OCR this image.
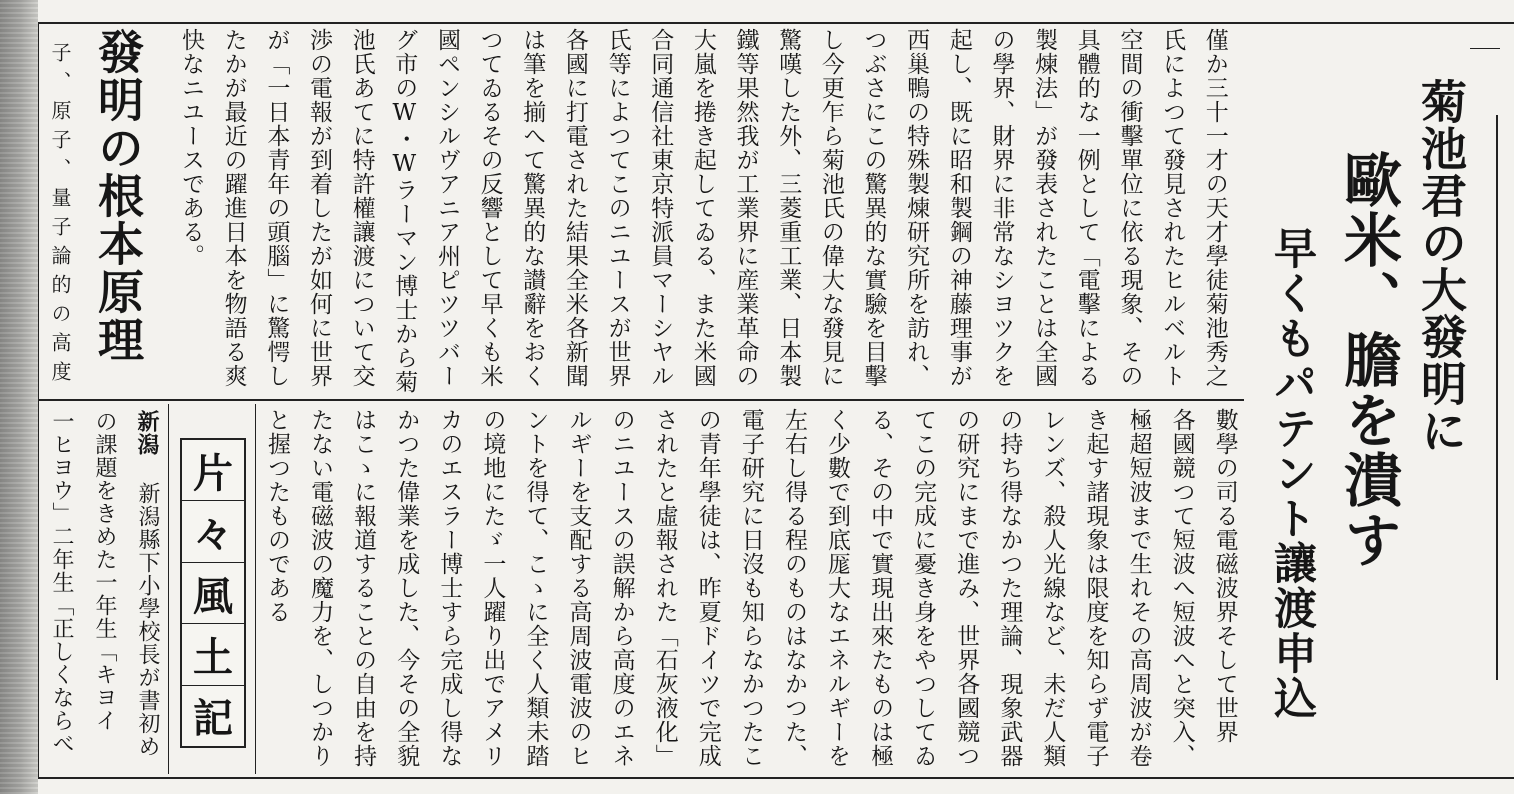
菊池君の大發明に
歐米、膽を潰す
早くもパテント讓渡申込
僅か三十一才の天才學徒菊池秀之
氏によつて發見されたヒルベルト
空間の衝擊單位に依る現象、その
具體的な一例として「電擊による
製煉法」が發表されたことは全國
の學界、財界に非常なシヨツクを
起し、既に昭和製鋼の神藤理事が
西巢鴨の特殊製煉研究所を訪れ、
つぶさにこの驚異的な實驗を目擊
し今更乍ら菊池氏の偉大な發見に
驚嘆した外、三菱重工業、日本製
鐵等果然我が工業界に産業革命の
大嵐を捲き起してゐる、また米國
合同通信社東京特派員マーシヤル
氏等によつてこのニユースが世界
各國に打電された結果全米各新聞
は筆を揃へて驚異的な讃辭をおく
つてゐるその反響として早くも米
國ペンシルヴアニア州ピツツバー
グ市のW・Wラーマン博士から菊
池氏あてに特許權讓渡について交
渉の電報が到着したが如何に世界
が「一日本青年の頭腦」に驚愕し
たかが最近の躍進日本を物語る爽
快なニユースである。
數學の司る電磁波界そして世界
各國競つて短波へ短波へと突入、
極超短波まで生れその高周波が卷
き起す諸現象は限度を知らず電子
レンズ、殺人光線など、未だ人類
の持ち得なかつた理論、現象武器
の研究にまで進み、世界各國競つ
てこの完成に憂き身をやつしてゐ
る、その中で實現出來たものは極
く少數で到底厖大なエネルギーを
左右し得る程のものはなかつた、
電子研究に日沒も知らなかつたこ
の青年學徒は、昨夏ドイツで完成
されたと虛報された「石灰液化」
のニユースの誤解から高度のエネ
ルギーを支配する高周波電波のヒ
ントを得て、こゝに全く人類未踏
の境地にたゞ一人躍り出でアメリ
カのエスラー博士すら完成し得な
かつた偉業を成した、今その全貌
はこゝに報道することの自由を持
たない電磁波の魔力を、しつかり
と握つたものである
發明の根本原理
子、原子、量子論的の高度
片
々
風
土
記
新潟 新潟縣下小學校長が書初め
の課題をきめた一年生「キヨイ
一ヒヨウ」二年生「正しくならべ
